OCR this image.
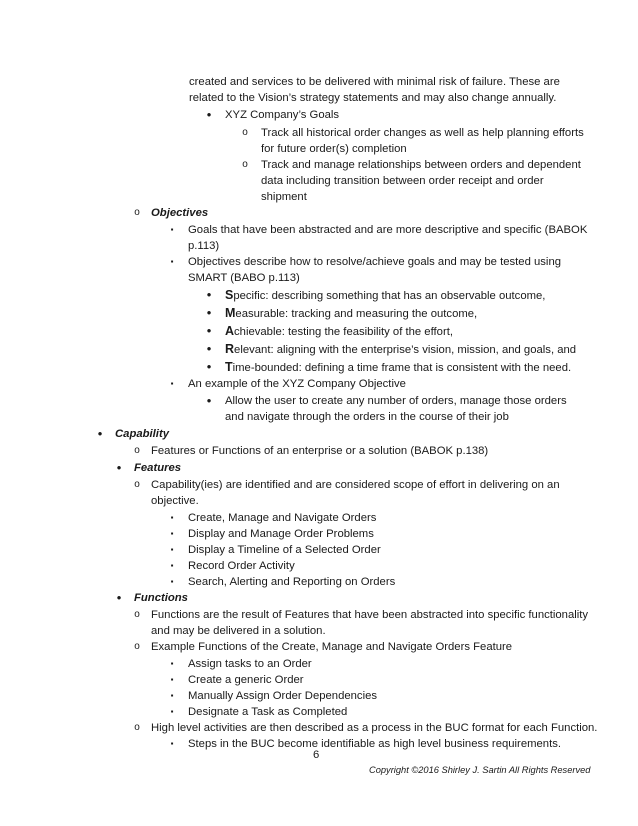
created and services to be delivered with minimal risk of failure. These are
related to the Vision’s strategy statements and may also change annually.
•	XYZ Company’s Goals
o Track all historical order changes as well as help planning efforts
for future order(s) completion
o Track and manage relationships between orders and dependent
data including transition between order receipt and order
shipment
o Objectives
▪	Goals that have been abstracted and are more descriptive and specific (BABOK
p.113)
▪	Objectives describe how to resolve/achieve goals and may be tested using
SMART (BABO p.113)
• Specific: describing something that has an observable outcome,
• Measurable: tracking and measuring the outcome,
• Achievable: testing the feasibility of the effort,
• Relevant: aligning with the enterprise’s vision, mission, and goals, and
• Time-bounded: defining a time frame that is consistent with the need.
▪	An example of the XYZ Company Objective
•	Allow the user to create any number of orders, manage those orders
and navigate through the orders in the course of their job
•	Capability
o Features or Functions of an enterprise or a solution (BABOK p.138)
•	Features
o Capability(ies) are identified and are considered scope of effort in delivering on an
objective.
▪	Create, Manage and Navigate Orders
▪	Display and Manage Order Problems
▪	Display a Timeline of a Selected Order
▪	Record Order Activity
▪	Search, Alerting and Reporting on Orders
•	Functions
o Functions are the result of Features that have been abstracted into specific functionality
and may be delivered in a solution.
o Example Functions of the Create, Manage and Navigate Orders Feature
▪	Assign tasks to an Order
▪	Create a generic Order
▪	Manually Assign Order Dependencies
▪	Designate a Task as Completed
o High level activities are then described as a process in the BUC format for each Function.
▪	Steps in the BUC become identifiable as high level business requirements.
6
Copyright ©2016 Shirley J. Sartin All Rights Reserved
